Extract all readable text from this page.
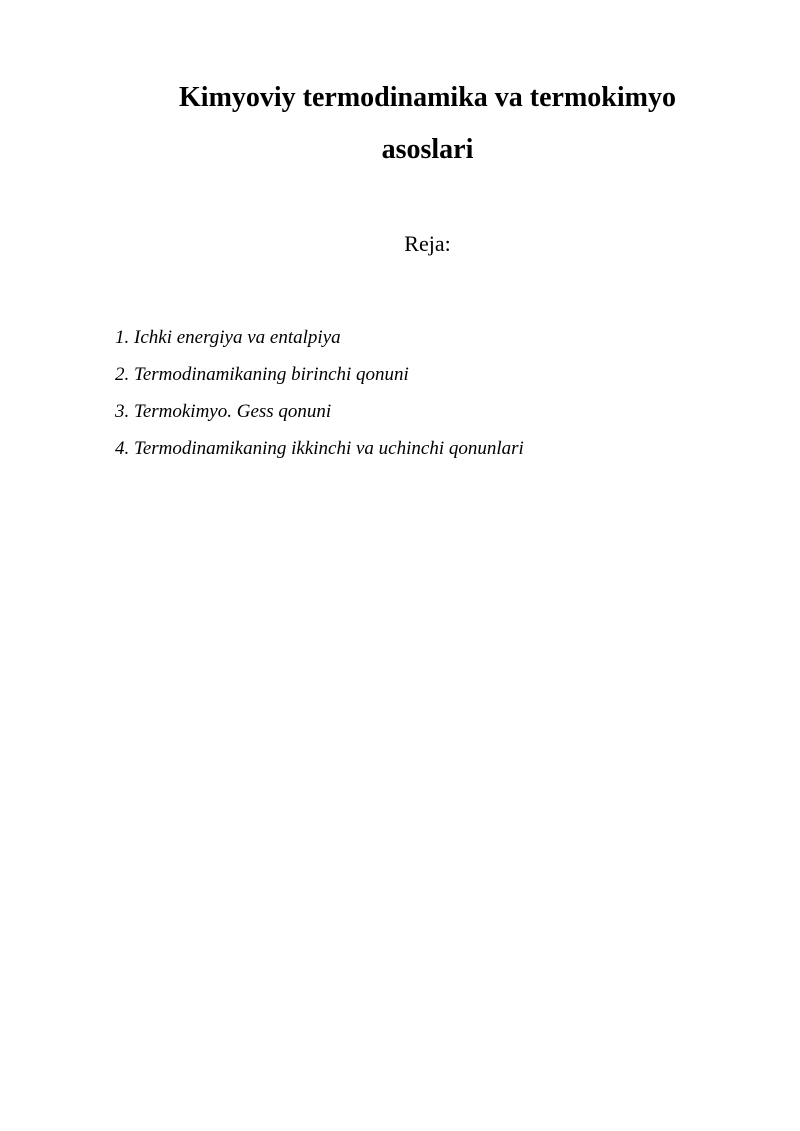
Kimyoviy termodinamika va termokimyo
asoslari
Reja:
1. Ichki energiya va entalpiya
2. Termodinamikaning birinchi qonuni
3. Termokimyo. Gess qonuni
4. Termodinamikaning ikkinchi va uchinchi qonunlari
